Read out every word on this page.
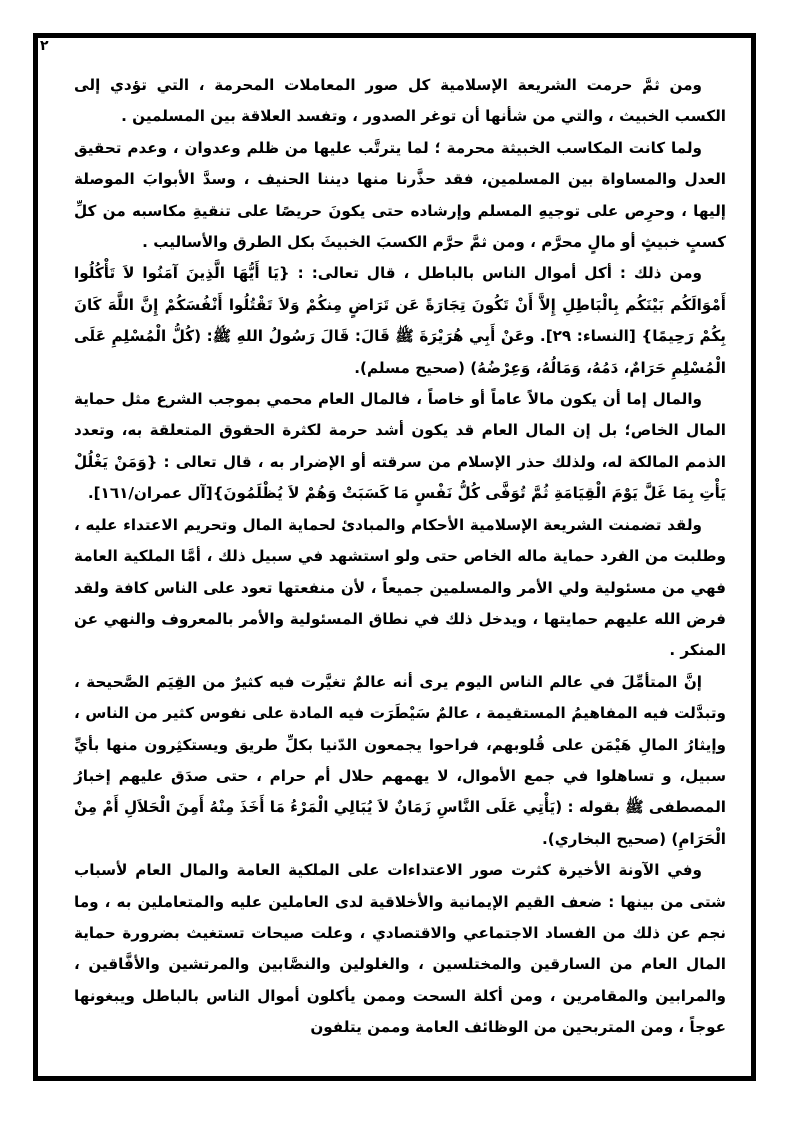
٢

ومن ثمَّ حرمت الشريعة الإسلامية كل صور المعاملات المحرمة ، التي تؤدي إلى الكسب الخبيث ، والتي من شأنها أن توغر الصدور ، وتفسد العلاقة بين المسلمين .

ولما كانت المكاسب الخبيثة محرمة ؛ لما يترتَّب عليها من ظلم وعدوان ، وعدم تحقيق العدل والمساواة بين المسلمين، فقد حذَّرنا منها ديننا الحنيف ، وسدَّ الأبوابَ الموصلة إليها ، وحرِص على توجيهِ المسلم وإرشاده حتى يكونَ حريصًا على تنقيةِ مكاسبه من كلِّ كسبٍ خبيثٍ أو مالٍ محرَّم ، ومن ثمَّ حرَّم الكسبَ الخبيثَ بكل الطرق والأساليب .

ومن ذلك : أكل أموال الناس بالباطل ، قال تعالى: : {يَا أَيُّهَا الَّذِينَ آمَنُوا لاَ تَأْكُلُوا أَمْوَالَكُم بَيْنَكُم بِالْبَاطِلِ إِلاَّ أَنْ تَكُونَ تِجَارَةً عَن تَرَاضٍ مِنكُمْ وَلاَ تَقْتُلُوا أَنْفُسَكُمْ إِنَّ اللَّهَ كَانَ بِكُمْ رَحِيمًا} [النساء: ٢٩]. وعَنْ أَبِي هُرَيْرَةَ ﷺ قَالَ: قَالَ رَسُولُ اللهِ ﷺ: (كُلُّ الْمُسْلِمِ عَلَى الْمُسْلِمِ حَرَامٌ، دَمُهُ، وَمَالُهُ، وَعِرْضُهُ) (صحيح مسلم).

والمال إما أن يكون مالاً عاماً أو خاصاً ، فالمال العام محمي بموجب الشرع مثل حماية المال الخاص؛ بل إن المال العام قد يكون أشد حرمة لكثرة الحقوق المتعلقة به، وتعدد الذمم المالكة له، ولذلك حذر الإسلام من سرقته أو الإضرار به ، قال تعالى : {وَمَنْ يَغْلُلْ يَأْتِ بِمَا غَلَّ يَوْمَ الْقِيَامَةِ ثُمَّ تُوَفَّى كُلُّ نَفْسٍ مَا كَسَبَتْ وَهُمْ لاَ يُظْلَمُونَ}[آل عمران/١٦١].

ولقد تضمنت الشريعة الإسلامية الأحكام والمبادئ لحماية المال وتحريم الاعتداء عليه ، وطلبت من الفرد حماية ماله الخاص حتى ولو استشهد في سبيل ذلك ، أمَّا الملكية العامة فهي من مسئولية ولي الأمر والمسلمين جميعاً ، لأن منفعتها تعود على الناس كافة ولقد فرض الله عليهم حمايتها ، ويدخل ذلك في نطاق المسئولية والأمر بالمعروف والنهي عن المنكر .

إنَّ المتأمِّلَ في عالم الناس اليوم يرى أنه عالمٌ تغيَّرت فيه كثيرٌ من القِيَم الصَّحيحة ، وتبدَّلت فيه المفاهيمُ المستقيمة ، عالمٌ سَيْطَرَت فيه المادة على نفوس كثير من الناس ، وإيثارُ المالِ هَيْمَن على قُلوبهم، فراحوا يجمعون الدّنيا بكلِّ طريق ويستكثِرون منها بأيِّ سبيل، و تساهلوا في جمع الأموال، لا يهمهم حلال أم حرام ، حتى صدَق عليهم إخبارُ المصطفى ﷺ بقوله : (يَأْتِي عَلَى النَّاسِ زَمَانٌ لاَ يُبَالِي الْمَرْءُ مَا أَخَذَ مِنْهُ أَمِنَ الْحَلاَلِ أَمْ مِنْ الْحَرَامِ) (صحيح البخاري).

وفي الآونة الأخيرة كثرت صور الاعتداءات على الملكية العامة والمال العام لأسباب شتى من بينها : ضعف القيم الإيمانية والأخلاقية لدى العاملين عليه والمتعاملين به ، وما نجم عن ذلك من الفساد الاجتماعي والاقتصادي ، وعلت صيحات تستغيث بضرورة حماية المال العام من السارقين والمختلسين ، والغلولين والنصَّابين والمرتشين والأفَّاقين ، والمرابين والمقامرين ، ومن أكلة السحت وممن يأكلون أموال الناس بالباطل ويبغونها عوجاً ، ومن المتربحين من الوظائف العامة وممن يتلفون
